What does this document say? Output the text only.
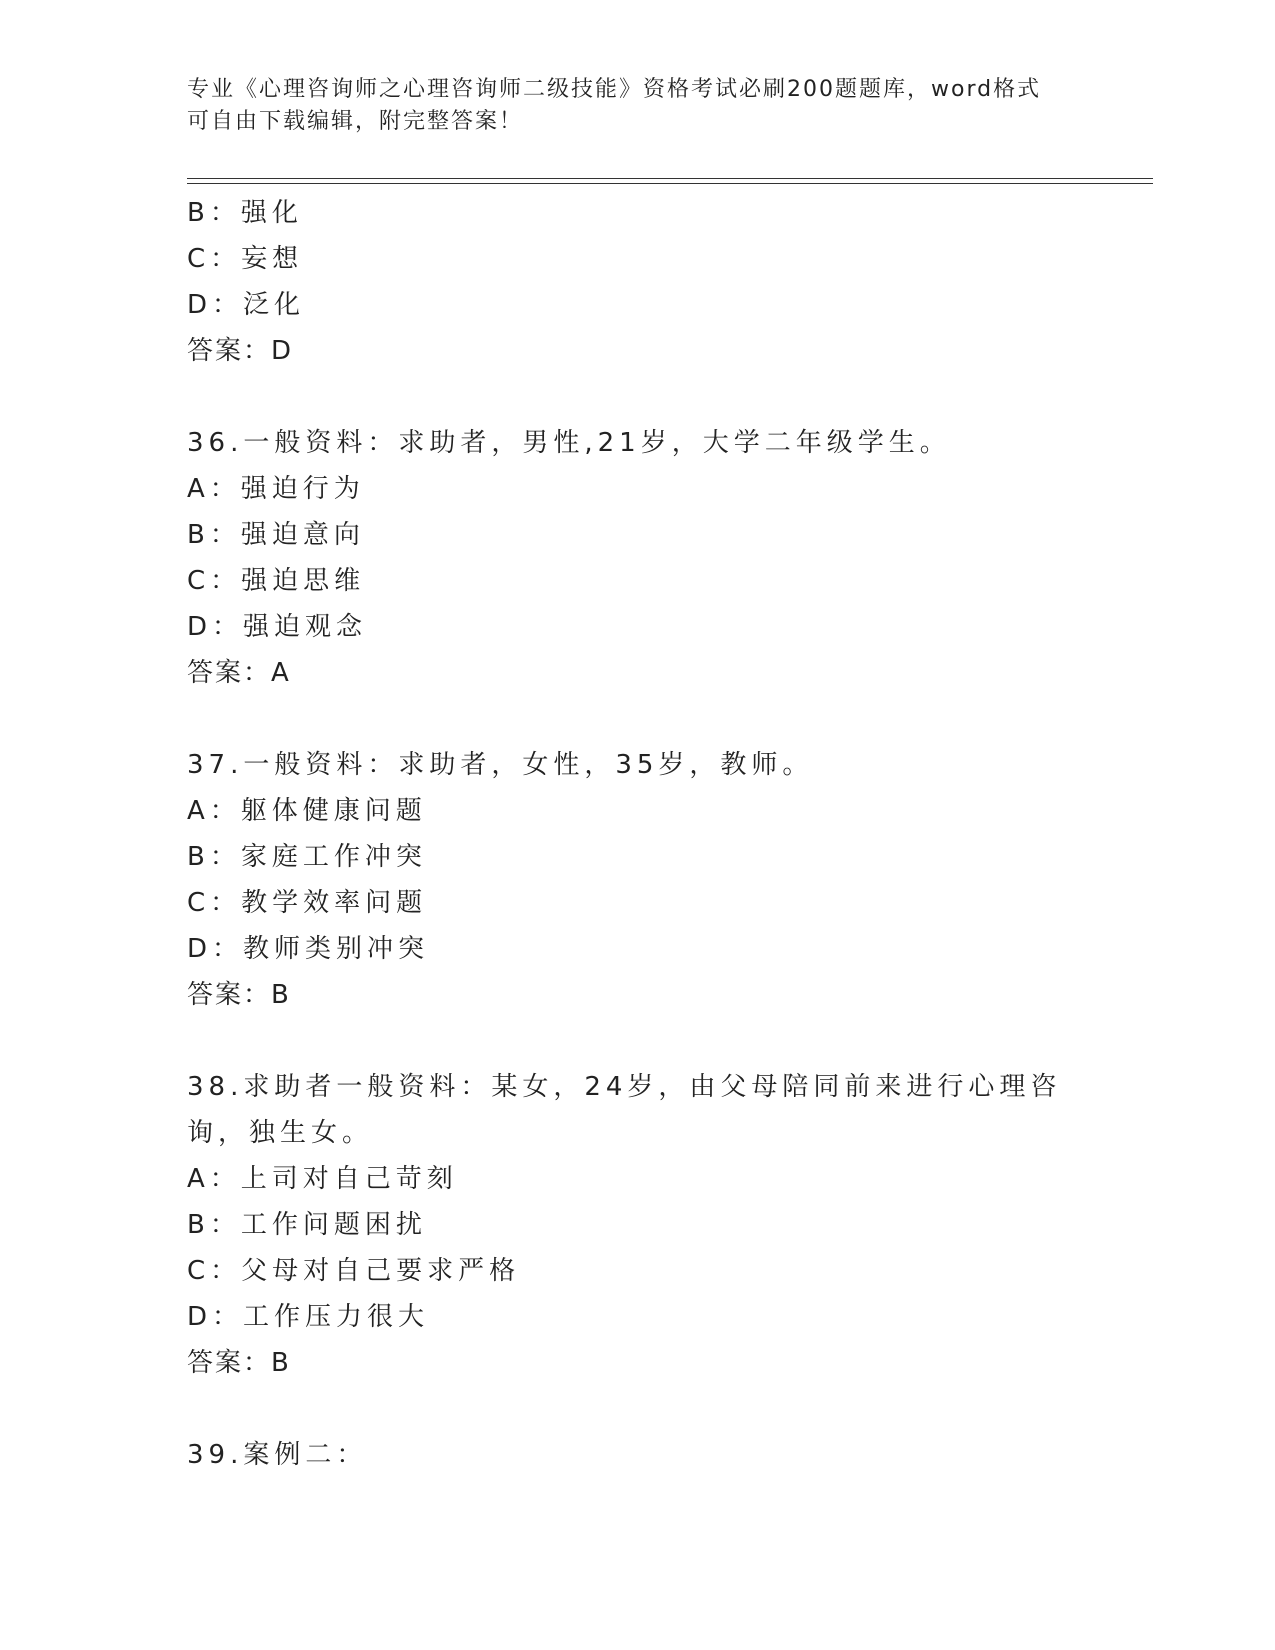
专业《心理咨询师之心理咨询师二级技能》资格考试必刷200题题库，word格式
可自由下载编辑，附完整答案！
B：强化
C：妄想
D：泛化
答案：D
36.一般资料：求助者，男性,21岁，大学二年级学生。
A：强迫行为
B：强迫意向
C：强迫思维
D：强迫观念
答案：A
37.一般资料：求助者，女性，35岁，教师。
A：躯体健康问题
B：家庭工作冲突
C：教学效率问题
D：教师类别冲突
答案：B
38.求助者一般资料：某女，24岁，由父母陪同前来进行心理咨询，独生女。
A：上司对自己苛刻
B：工作问题困扰
C：父母对自己要求严格
D：工作压力很大
答案：B
39.案例二：
